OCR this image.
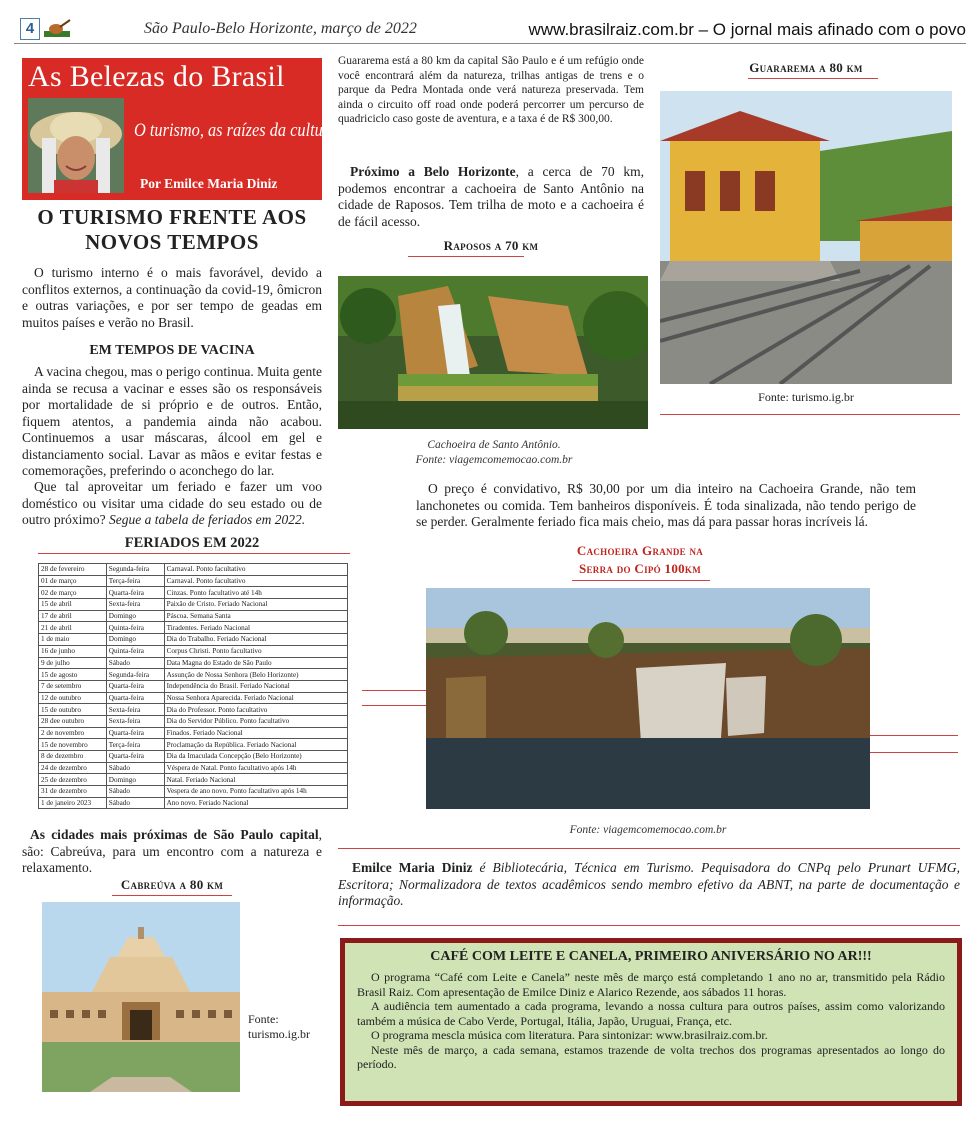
4	São Paulo-Belo Horizonte, março de 2022	www.brasilraiz.com.br – O jornal mais afinado com o povo
As Belezas do Brasil
O turismo, as raízes da cultura
Por Emilce Maria Diniz
O TURISMO FRENTE AOS NOVOS TEMPOS
O turismo interno é o mais favorável, devido a conflitos externos, a continuação da covid-19, ômicron e outras variações, e por ser tempo de geadas em muitos países e verão no Brasil.
EM TEMPOS DE VACINA
A vacina chegou, mas o perigo continua. Muita gente ainda se recusa a vacinar e esses são os responsáveis por mortalidade de si próprio e de outros. Então, fiquem atentos, a pandemia ainda não acabou. Continuemos a usar máscaras, álcool em gel e distanciamento social. Lavar as mãos e evitar festas e comemorações, preferindo o aconchego do lar.
Que tal aproveitar um feriado e fazer um voo doméstico ou visitar uma cidade do seu estado ou de outro próximo? Segue a tabela de feriados em 2022.
FERIADOS EM 2022
28 de fevereiro	Segunda-feira	Carnaval. Ponto facultativo
01 de março	Terça-feira	Carnaval. Ponto facultativo
02 de março	Quarta-feira	Cinzas. Ponto facultativo até 14h
15 de abril	Sexta-feira	Paixão de Cristo. Feriado Nacional
17 de abril	Domingo	Páscoa. Semana Santa
21 de abril	Quinta-feira	Tiradentes. Feriado Nacional
1 de maio	Domingo	Dia do Trabalho. Feriado Nacional
16 de junho	Quinta-feira	Corpus Christi. Ponto facultativo
9 de julho	Sábado	Data Magna do Estado de São Paulo
15 de agosto	Segunda-feira	Assunção de Nossa Senhora (Belo Horizonte)
7 de setembro	Quarta-feira	Independência do Brasil. Feriado Nacional
12 de outubro	Quarta-feira	Nossa Senhora Aparecida. Feriado Nacional
15 de outubro	Sexta-feira	Dia do Professor. Ponto facultativo
28 dee outubro	Sexta-feira	Dia do Servidor Público. Ponto facultativo
2 de novembro	Quarta-feira	Finados. Feriado Nacional
15 de novembro	Terça-feira	Proclamação da República. Feriado Nacional
8 de dezembro	Quarta-feira	Dia da Imaculada Concepção (Belo Horizonte)
24 de dezembro	Sábado	Véspera de Natal. Ponto facultativo após 14h
25 de dezembro	Domingo	Natal. Feriado Nacional
31 de dezembro	Sábado	Vespera de ano novo. Ponto facultativo após 14h
1 de janeiro 2023	Sábado	Ano novo. Feriado Nacional
As cidades mais próximas de São Paulo capital, são: Cabreúva, para um encontro com a natureza e relaxamento.
Cabreúva a 80 km
Fonte: turismo.ig.br
Guararema está a 80 km da capital São Paulo e é um refúgio onde você encontrará além da natureza, trilhas antigas de trens e o parque da Pedra Montada onde verá natureza preservada. Tem ainda o circuito off road onde poderá percorrer um percurso de quadriciclo caso goste de aventura, e a taxa é de R$ 300,00.
Próximo a Belo Horizonte, a cerca de 70 km, podemos encontrar a cachoeira de Santo Antônio na cidade de Raposos. Tem trilha de moto e a cachoeira é de fácil acesso.
Raposos a 70 km
Cachoeira de Santo Antônio.
Fonte: viagemcomemocao.com.br
Guararema a 80 km
Fonte: turismo.ig.br
O preço é convidativo, R$ 30,00 por um dia inteiro na Cachoeira Grande, não tem lanchonetes ou comida. Tem banheiros disponíveis. É toda sinalizada, não tendo perigo de se perder. Geralmente feriado fica mais cheio, mas dá para passar horas incríveis lá.
Cachoeira Grande na
Serra do Cipó 100km
Fonte: viagemcomemocao.com.br
Emilce Maria Diniz é Bibliotecária, Técnica em Turismo. Pequisadora do CNPq pelo Prunart UFMG, Escritora; Normalizadora de textos acadêmicos sendo membro efetivo da ABNT, na parte de documentação e informação.
CAFÉ COM LEITE E CANELA, PRIMEIRO ANIVERSÁRIO NO AR!!!
O programa “Café com Leite e Canela” neste mês de março está completando 1 ano no ar, transmitido pela Rádio Brasil Raiz. Com apresentação de Emilce Diniz e Alarico Rezende, aos sábados 11 horas.
A audiência tem aumentado a cada programa, levando a nossa cultura para outros países, assim como valorizando também a música de Cabo Verde, Portugal, Itália, Japão, Uruguai, França, etc.
O programa mescla música com literatura. Para sintonizar: www.brasilraiz.com.br.
Neste mês de março, a cada semana, estamos trazende de volta trechos dos programas apresentados ao longo do período.
